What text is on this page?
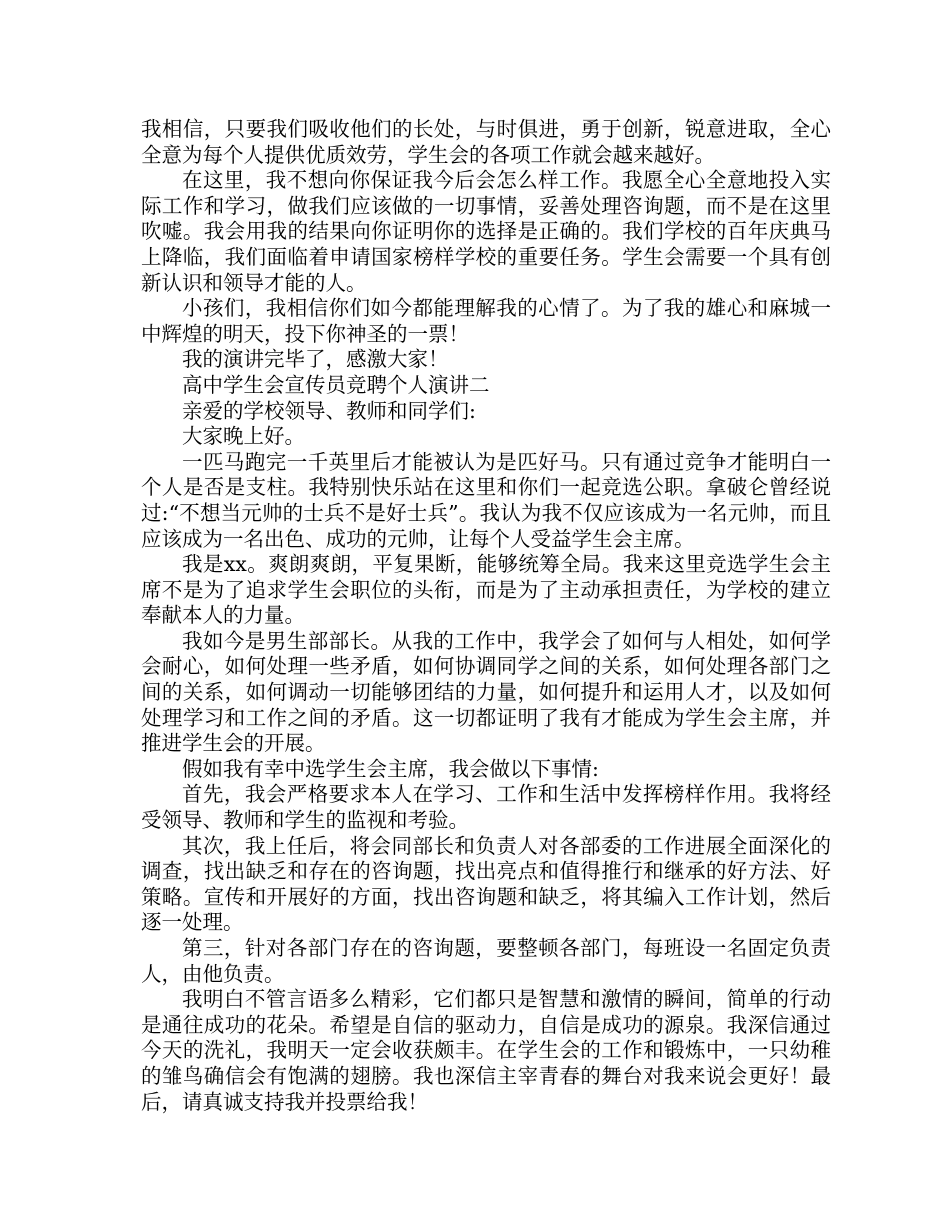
我相信，只要我们吸收他们的长处，与时俱进，勇于创新，锐意进取，全心全意为每个人提供优质效劳，学生会的各项工作就会越来越好。

在这里，我不想向你保证我今后会怎么样工作。我愿全心全意地投入实际工作和学习，做我们应该做的一切事情，妥善处理咨询题，而不是在这里吹嘘。我会用我的结果向你证明你的选择是正确的。我们学校的百年庆典马上降临，我们面临着申请国家榜样学校的重要任务。学生会需要一个具有创新认识和领导才能的人。

小孩们，我相信你们如今都能理解我的心情了。为了我的雄心和麻城一中辉煌的明天，投下你神圣的一票！

我的演讲完毕了，感激大家！

高中学生会宣传员竞聘个人演讲二

亲爱的学校领导、教师和同学们:

大家晚上好。

一匹马跑完一千英里后才能被认为是匹好马。只有通过竞争才能明白一个人是否是支柱。我特别快乐站在这里和你们一起竞选公职。拿破仑曾经说过:“不想当元帅的士兵不是好士兵”。我认为我不仅应该成为一名元帅，而且应该成为一名出色、成功的元帅，让每个人受益学生会主席。

我是xx。爽朗爽朗，平复果断，能够统筹全局。我来这里竞选学生会主席不是为了追求学生会职位的头衔，而是为了主动承担责任，为学校的建立奉献本人的力量。

我如今是男生部部长。从我的工作中，我学会了如何与人相处，如何学会耐心，如何处理一些矛盾，如何协调同学之间的关系，如何处理各部门之间的关系，如何调动一切能够团结的力量，如何提升和运用人才，以及如何处理学习和工作之间的矛盾。这一切都证明了我有才能成为学生会主席，并推进学生会的开展。

假如我有幸中选学生会主席，我会做以下事情:

首先，我会严格要求本人在学习、工作和生活中发挥榜样作用。我将经受领导、教师和学生的监视和考验。

其次，我上任后，将会同部长和负责人对各部委的工作进展全面深化的调查，找出缺乏和存在的咨询题，找出亮点和值得推行和继承的好方法、好策略。宣传和开展好的方面，找出咨询题和缺乏，将其编入工作计划，然后逐一处理。

第三，针对各部门存在的咨询题，要整顿各部门，每班设一名固定负责人，由他负责。

我明白不管言语多么精彩，它们都只是智慧和激情的瞬间，简单的行动是通往成功的花朵。希望是自信的驱动力，自信是成功的源泉。我深信通过今天的洗礼，我明天一定会收获颇丰。在学生会的工作和锻炼中，一只幼稚的雏鸟确信会有饱满的翅膀。我也深信主宰青春的舞台对我来说会更好！最后，请真诚支持我并投票给我！
